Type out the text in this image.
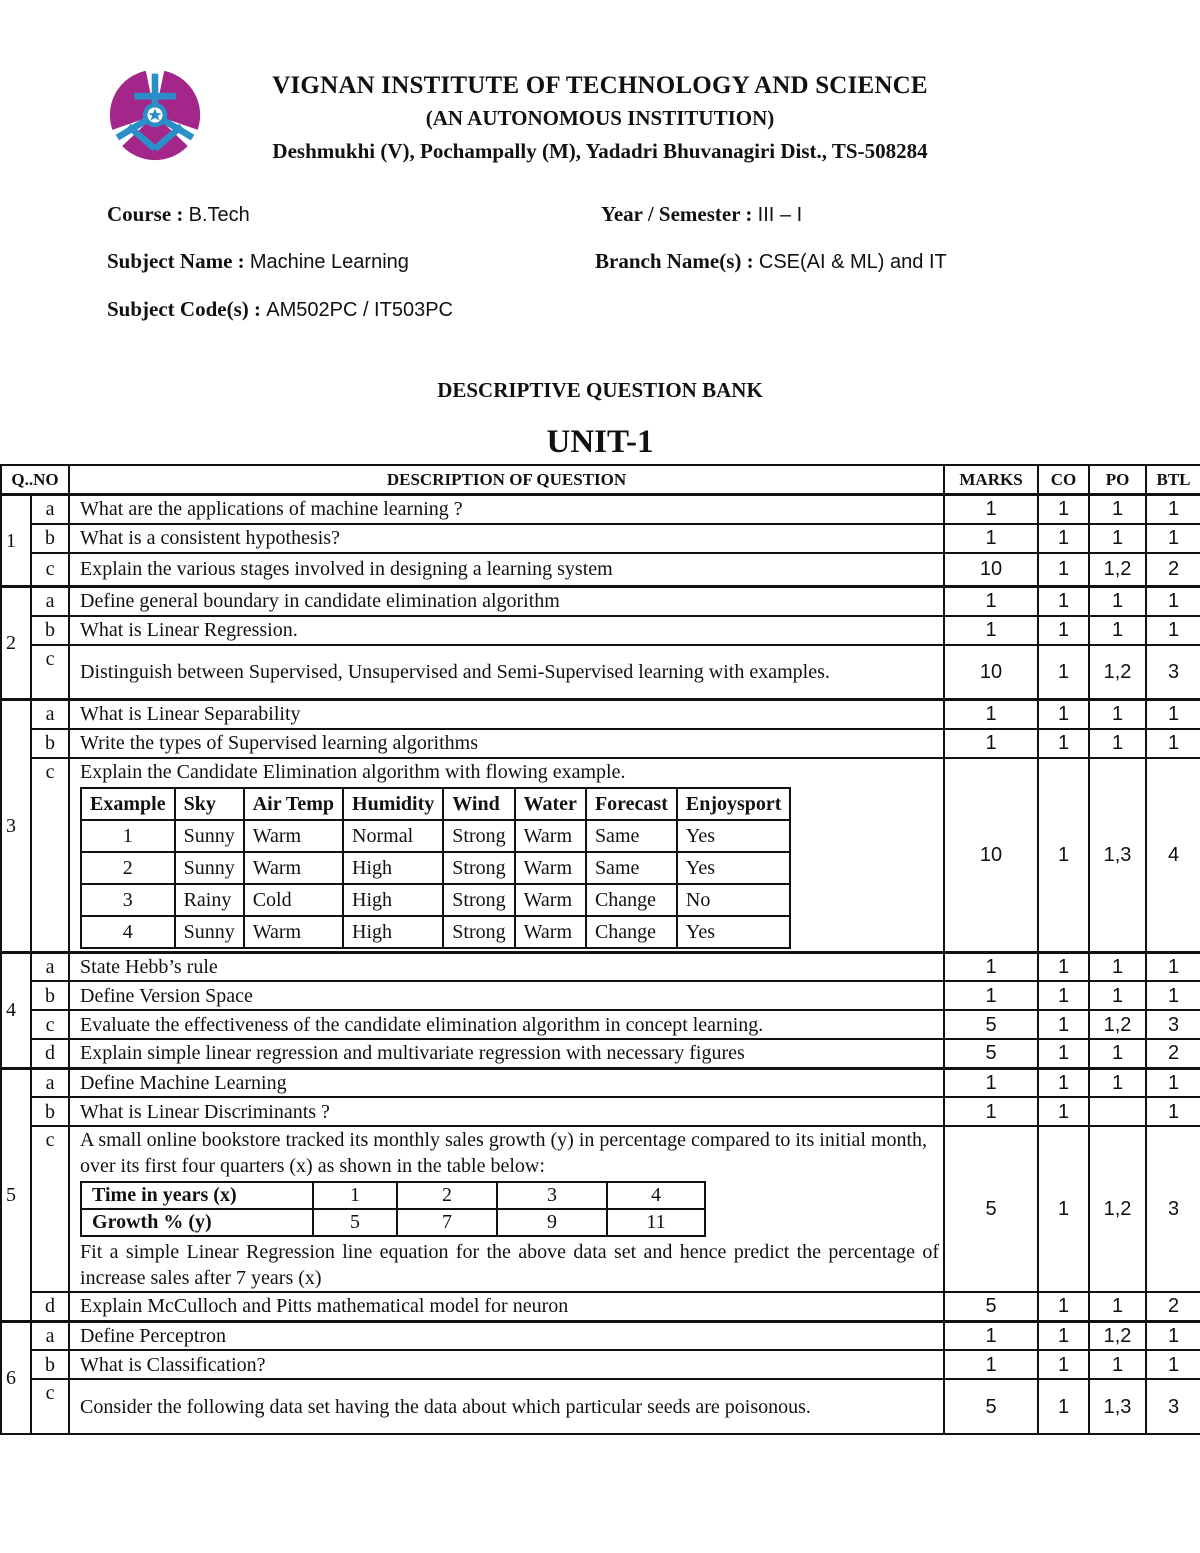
VIGNAN INSTITUTE OF TECHNOLOGY AND SCIENCE
(AN AUTONOMOUS INSTITUTION)
Deshmukhi (V), Pochampally (M), Yadadri Bhuvanagiri Dist., TS-508284
Course : B.Tech	Year / Semester : III – I
Subject Name : Machine Learning	Branch Name(s) : CSE(AI & ML) and IT
Subject Code(s) : AM502PC / IT503PC
DESCRIPTIVE QUESTION BANK
UNIT-1
Q..NO	DESCRIPTION OF QUESTION	MARKS	CO	PO	BTL
1	a	What are the applications of machine learning ?	1	1	1	1
b	What is a consistent hypothesis?	1	1	1	1
c	Explain the various stages involved in designing a learning system	10	1	1,2	2
2	a	Define general boundary in candidate elimination algorithm	1	1	1	1
b	What is Linear Regression.	1	1	1	1
c	Distinguish between Supervised, Unsupervised and Semi-Supervised learning with examples.	10	1	1,2	3
3	a	What is Linear Separability	1	1	1	1
b	Write the types of Supervised learning algorithms	1	1	1	1
c	Explain the Candidate Elimination algorithm with flowing example.
Example	Sky	Air Temp	Humidity	Wind	Water	Forecast	Enjoysport
1	Sunny	Warm	Normal	Strong	Warm	Same	Yes
2	Sunny	Warm	High	Strong	Warm	Same	Yes
3	Rainy	Cold	High	Strong	Warm	Change	No
4	Sunny	Warm	High	Strong	Warm	Change	Yes
	10	1	1,3	4
4	a	State Hebb’s rule	1	1	1	1
b	Define Version Space	1	1	1	1
c	Evaluate the effectiveness of the candidate elimination algorithm in concept learning.	5	1	1,2	3
d	Explain simple linear regression and multivariate regression with necessary figures	5	1	1	2
5	a	Define Machine Learning	1	1	1	1
b	What is Linear Discriminants ?	1	1		1
c	A small online bookstore tracked its monthly sales growth (y) in percentage compared to its initial month, over its first four quarters (x) as shown in the table below:
Time in years (x)	1	2	3	4
Growth % (y)	5	7	9	11
Fit a simple Linear Regression line equation for the above data set and hence predict the percentage of increase sales after 7 years (x)
	5	1	1,2	3
d	Explain McCulloch and Pitts mathematical model for neuron	5	1	1	2
6	a	Define Perceptron	1	1	1,2	1
b	What is Classification?	1	1	1	1
c	Consider the following data set having the data about which particular seeds are poisonous.	5	1	1,3	3
